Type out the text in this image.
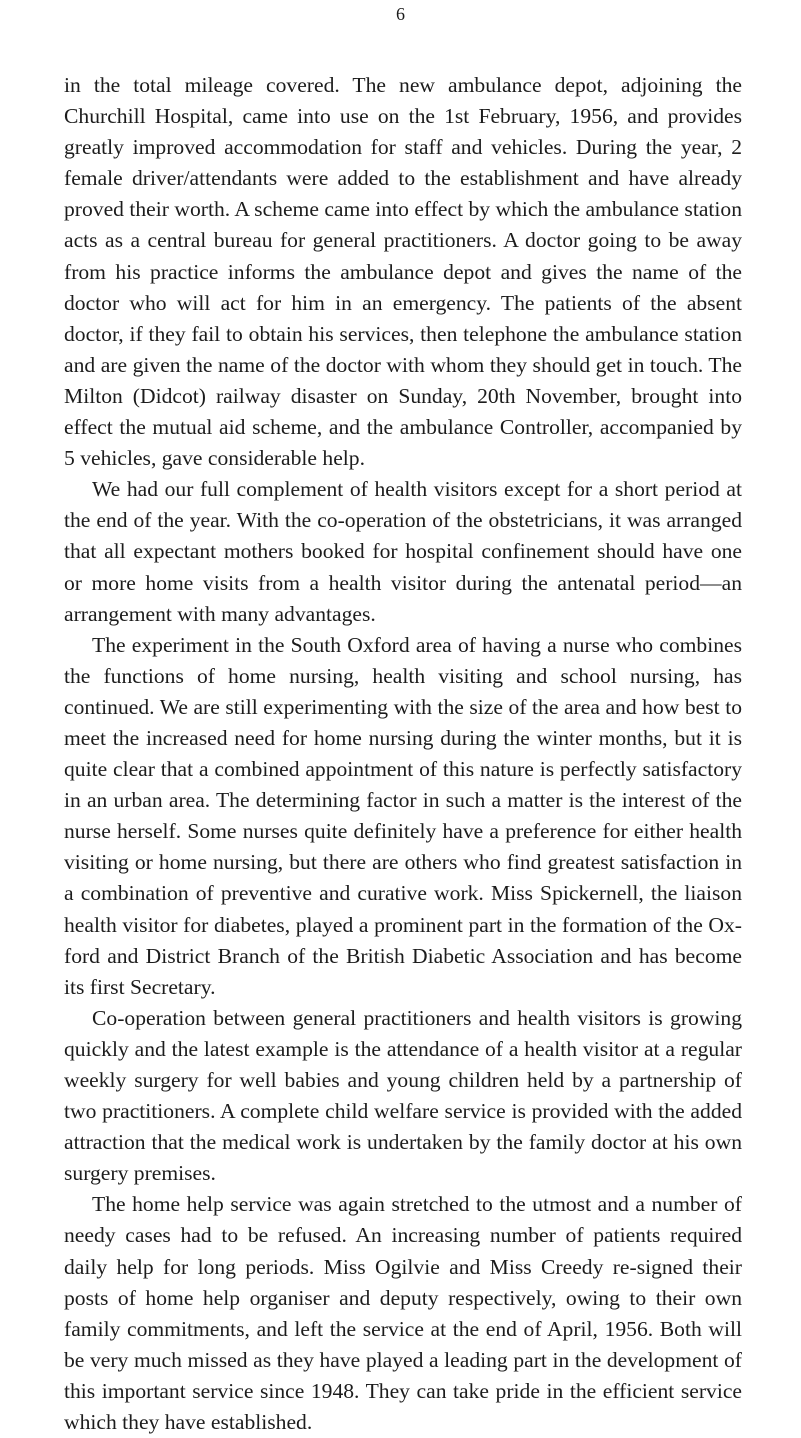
6

in the total mileage covered. The new ambulance depot, adjoining the Churchill Hospital, came into use on the 1st February, 1956, and provides greatly improved accommodation for staff and vehicles. During the year, 2 female driver/attendants were added to the establishment and have already proved their worth. A scheme came into effect by which the ambulance station acts as a central bureau for general practitioners. A doctor going to be away from his practice informs the ambulance depot and gives the name of the doctor who will act for him in an emergency. The patients of the absent doctor, if they fail to obtain his services, then telephone the ambulance station and are given the name of the doctor with whom they should get in touch. The Milton (Didcot) railway disaster on Sunday, 20th November, brought into effect the mutual aid scheme, and the ambulance Controller, accompanied by 5 vehicles, gave considerable help.

We had our full complement of health visitors except for a short period at the end of the year. With the co-operation of the obstetricians, it was arranged that all expectant mothers booked for hospital confinement should have one or more home visits from a health visitor during the antenatal period—an arrangement with many advantages.

The experiment in the South Oxford area of having a nurse who combines the functions of home nursing, health visiting and school nursing, has continued. We are still experimenting with the size of the area and how best to meet the increased need for home nursing during the winter months, but it is quite clear that a combined appointment of this nature is perfectly satisfactory in an urban area. The determining factor in such a matter is the interest of the nurse herself. Some nurses quite definitely have a preference for either health visiting or home nursing, but there are others who find greatest satisfaction in a combination of preventive and curative work. Miss Spickernell, the liaison health visitor for diabetes, played a prominent part in the formation of the Ox-ford and District Branch of the British Diabetic Association and has become its first Secretary.

Co-operation between general practitioners and health visitors is growing quickly and the latest example is the attendance of a health visitor at a regular weekly surgery for well babies and young children held by a partnership of two practitioners. A complete child welfare service is provided with the added attraction that the medical work is undertaken by the family doctor at his own surgery premises.

The home help service was again stretched to the utmost and a number of needy cases had to be refused. An increasing number of patients required daily help for long periods. Miss Ogilvie and Miss Creedy re-signed their posts of home help organiser and deputy respectively, owing to their own family commitments, and left the service at the end of April, 1956. Both will be very much missed as they have played a leading part in the development of this important service since 1948. They can take pride in the efficient service which they have established.
